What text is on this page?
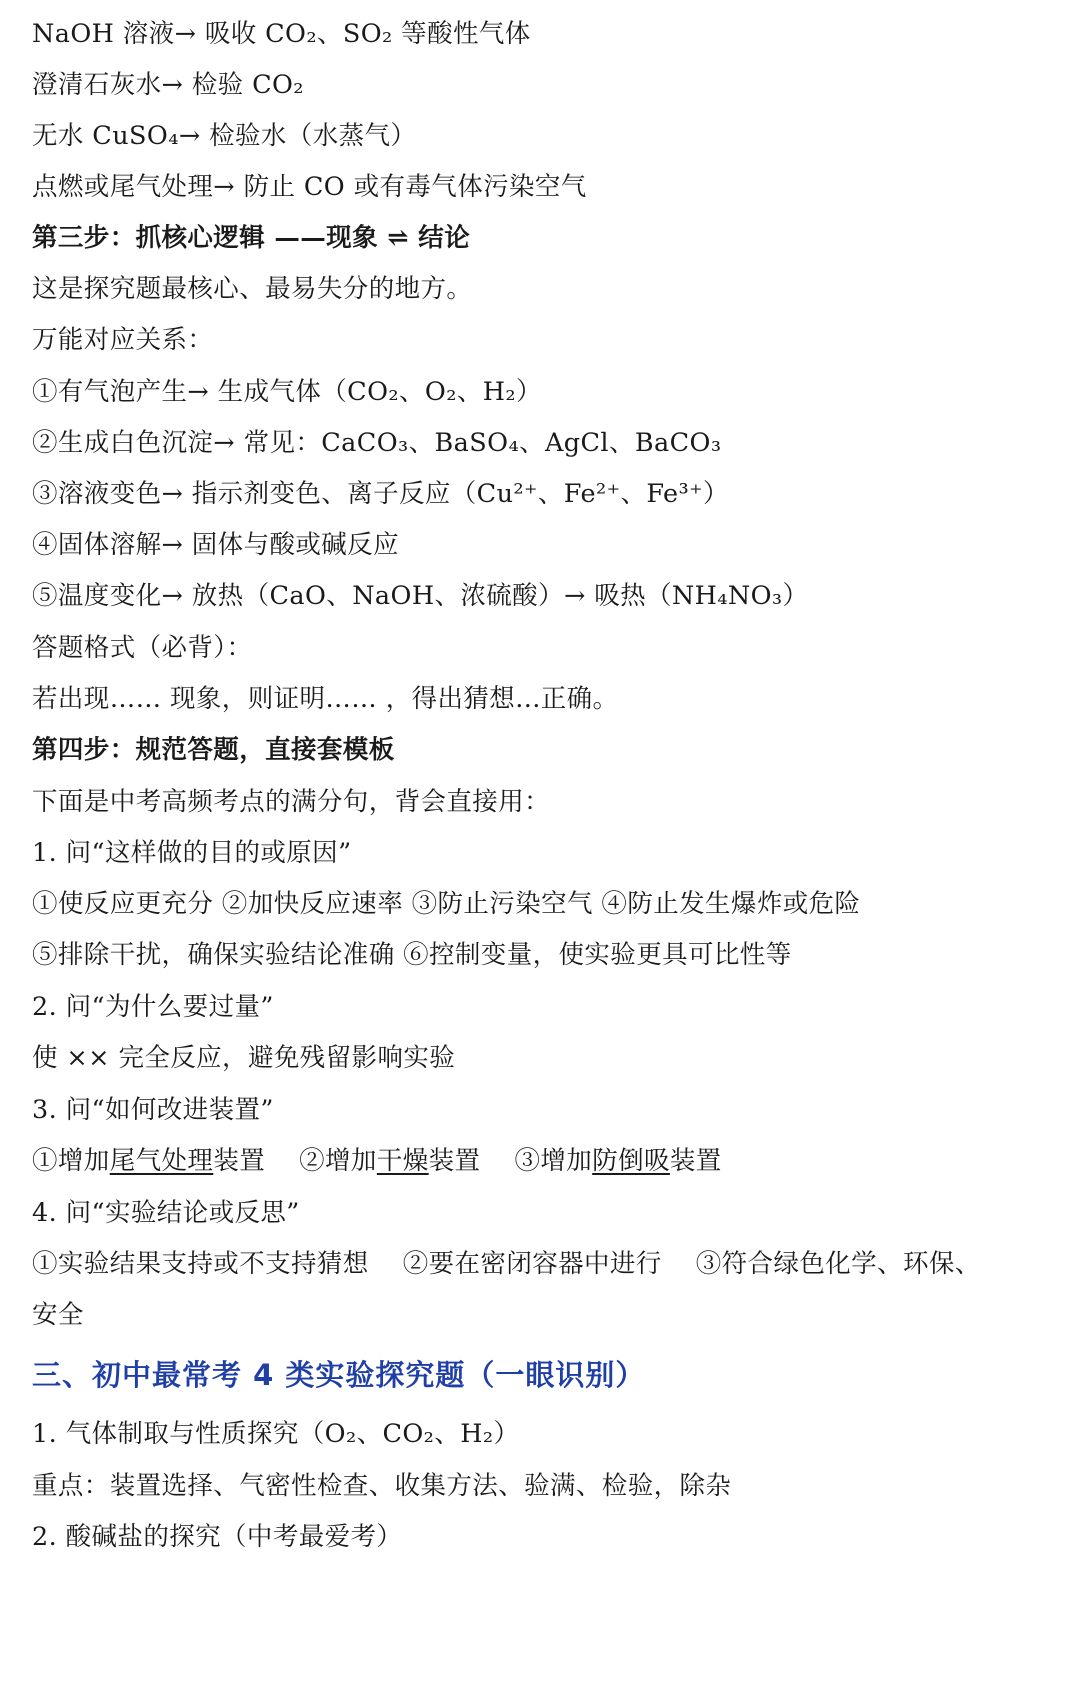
NaOH 溶液→ 吸收 CO₂、SO₂ 等酸性气体
澄清石灰水→ 检验 CO₂
无水 CuSO₄→ 检验水（水蒸气）
点燃或尾气处理→ 防止 CO 或有毒气体污染空气
第三步：抓核心逻辑 ——现象 ⇌ 结论
这是探究题最核心、最易失分的地方。
万能对应关系：
①有气泡产生→ 生成气体（CO₂、O₂、H₂）
②生成白色沉淀→ 常见：CaCO₃、BaSO₄、AgCl、BaCO₃
③溶液变色→ 指示剂变色、离子反应（Cu²⁺、Fe²⁺、Fe³⁺）
④固体溶解→ 固体与酸或碱反应
⑤温度变化→ 放热（CaO、NaOH、浓硫酸）→ 吸热（NH₄NO₃）
答题格式（必背）：
若出现…… 现象，则证明…… ，得出猜想...正确。
第四步：规范答题，直接套模板
下面是中考高频考点的满分句，背会直接用：
1. 问“这样做的目的或原因”
①使反应更充分 ②加快反应速率 ③防止污染空气 ④防止发生爆炸或危险
⑤排除干扰，确保实验结论准确 ⑥控制变量，使实验更具可比性等
2. 问“为什么要过量”
使 ×× 完全反应，避免残留影响实验
3. 问“如何改进装置”
①增加尾气处理装置    ②增加干燥装置    ③增加防倒吸装置
4. 问“实验结论或反思”
①实验结果支持或不支持猜想    ②要在密闭容器中进行    ③符合绿色化学、环保、
安全
三、初中最常考 4 类实验探究题（一眼识别）
1. 气体制取与性质探究（O₂、CO₂、H₂）
重点：装置选择、气密性检查、收集方法、验满、检验，除杂
2. 酸碱盐的探究（中考最爱考）
